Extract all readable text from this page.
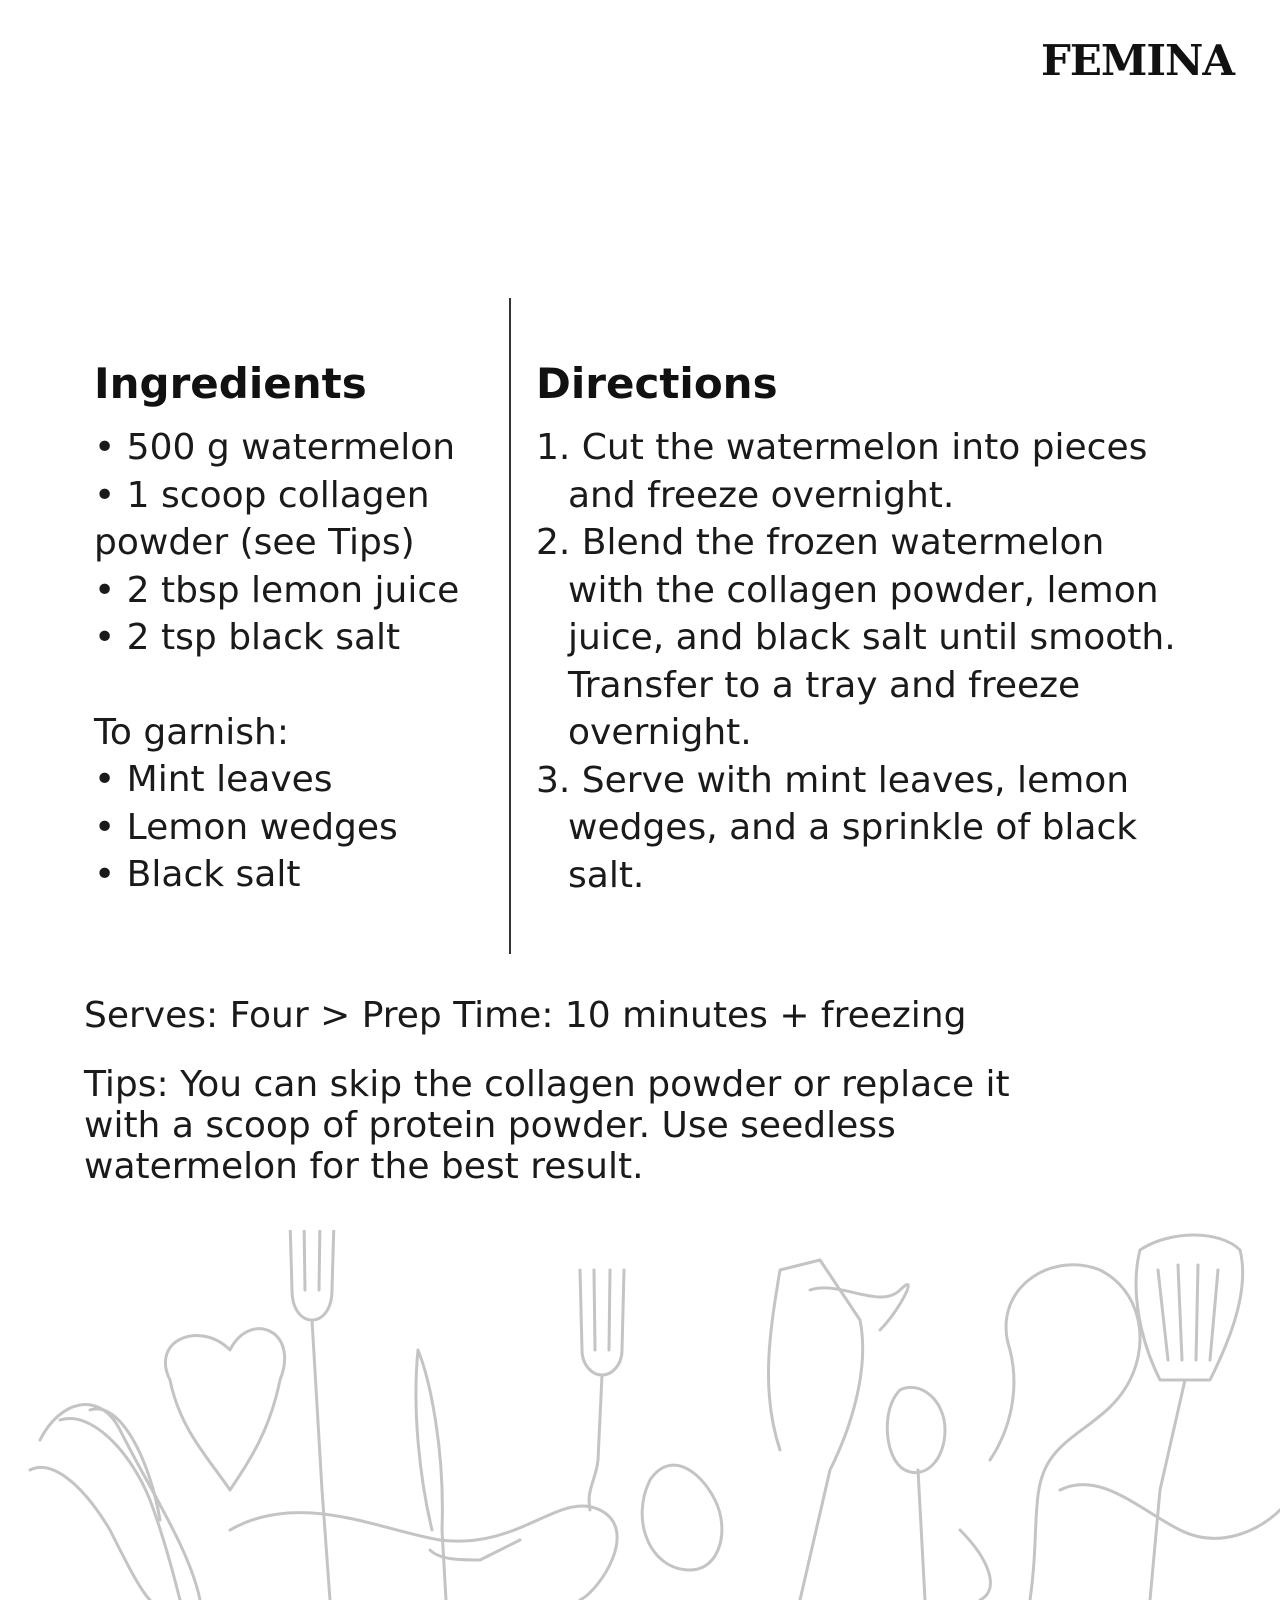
FEMINA
Ingredients
• 500 g watermelon
• 1 scoop collagen
powder (see Tips)
• 2 tbsp lemon juice
• 2 tsp black salt
To garnish:
• Mint leaves
• Lemon wedges
• Black salt
Directions
1. Cut the watermelon into pieces
and freeze overnight.
2. Blend the frozen watermelon
with the collagen powder, lemon
juice, and black salt until smooth.
Transfer to a tray and freeze
overnight.
3. Serve with mint leaves, lemon
wedges, and a sprinkle of black
salt.
Serves: Four > Prep Time: 10 minutes + freezing
Tips: You can skip the collagen powder or replace it
with a scoop of protein powder. Use seedless
watermelon for the best result.
